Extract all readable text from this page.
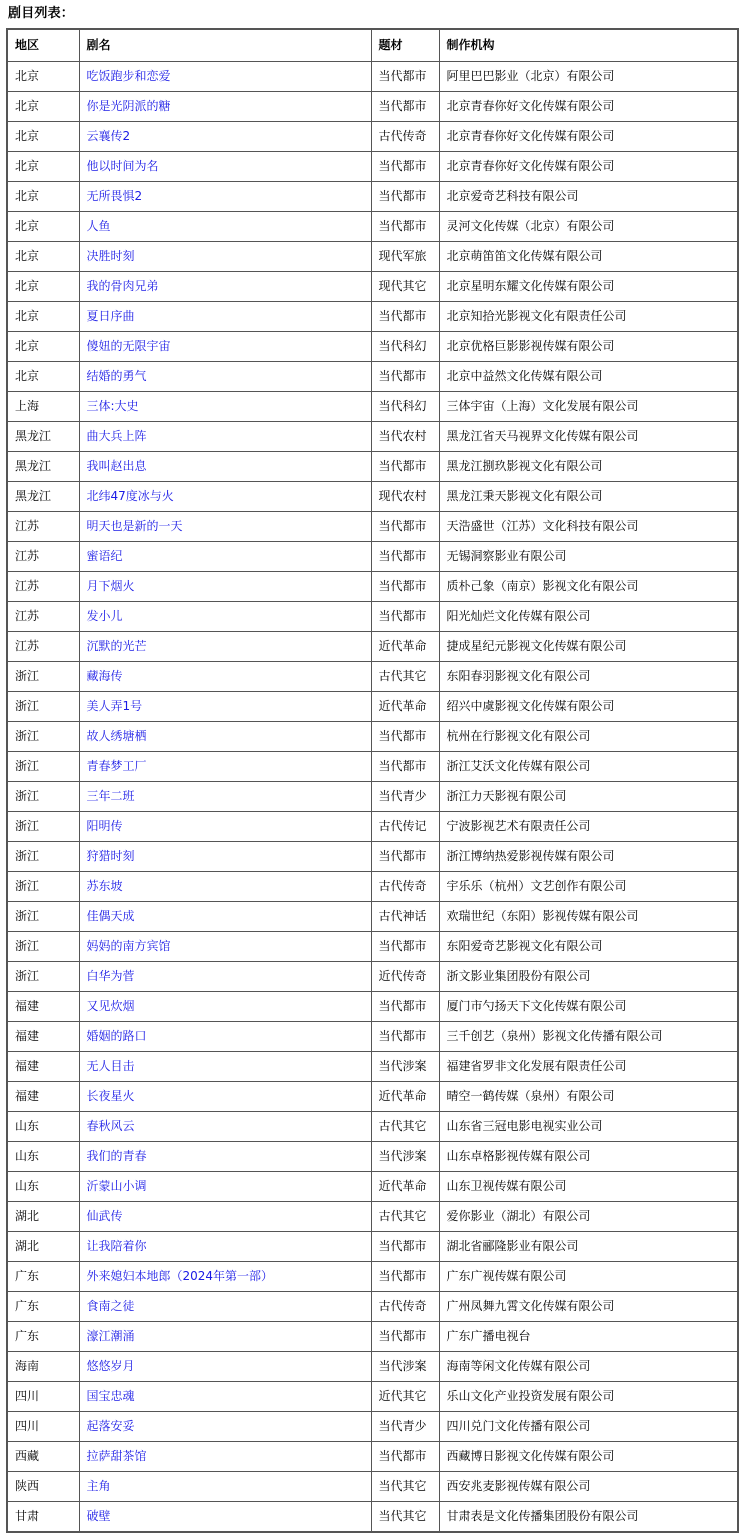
剧目列表：
地区	剧名	题材	制作机构
北京	吃饭跑步和恋爱	当代都市	阿里巴巴影业（北京）有限公司
北京	你是光阴派的糖	当代都市	北京青春你好文化传媒有限公司
北京	云襄传2	古代传奇	北京青春你好文化传媒有限公司
北京	他以时间为名	当代都市	北京青春你好文化传媒有限公司
北京	无所畏惧2	当代都市	北京爱奇艺科技有限公司
北京	人鱼	当代都市	灵河文化传媒（北京）有限公司
北京	决胜时刻	现代军旅	北京萌笛笛文化传媒有限公司
北京	我的骨肉兄弟	现代其它	北京星明东耀文化传媒有限公司
北京	夏日序曲	当代都市	北京知拾光影视文化有限责任公司
北京	傻妞的无限宇宙	当代科幻	北京优格巨影影视传媒有限公司
北京	结婚的勇气	当代都市	北京中益然文化传媒有限公司
上海	三体:大史	当代科幻	三体宇宙（上海）文化发展有限公司
黑龙江	曲大兵上阵	当代农村	黑龙江省天马视界文化传媒有限公司
黑龙江	我叫赵出息	当代都市	黑龙江捌玖影视文化有限公司
黑龙江	北纬47度冰与火	现代农村	黑龙江秉天影视文化有限公司
江苏	明天也是新的一天	当代都市	天浩盛世（江苏）文化科技有限公司
江苏	蜜语纪	当代都市	无锡洞察影业有限公司
江苏	月下烟火	当代都市	质朴己象（南京）影视文化有限公司
江苏	发小儿	当代都市	阳光灿烂文化传媒有限公司
江苏	沉默的光芒	近代革命	捷成星纪元影视文化传媒有限公司
浙江	藏海传	古代其它	东阳春羽影视文化有限公司
浙江	美人弄1号	近代革命	绍兴中虞影视文化传媒有限公司
浙江	故人绣塘栖	当代都市	杭州在行影视文化有限公司
浙江	青春梦工厂	当代都市	浙江艾沃文化传媒有限公司
浙江	三年二班	当代青少	浙江力天影视有限公司
浙江	阳明传	古代传记	宁波影视艺术有限责任公司
浙江	狩猎时刻	当代都市	浙江博纳热爱影视传媒有限公司
浙江	苏东坡	古代传奇	宇乐乐（杭州）文艺创作有限公司
浙江	佳偶天成	古代神话	欢瑞世纪（东阳）影视传媒有限公司
浙江	妈妈的南方宾馆	当代都市	东阳爱奇艺影视文化有限公司
浙江	白华为菅	近代传奇	浙文影业集团股份有限公司
福建	又见炊烟	当代都市	厦门市勺扬天下文化传媒有限公司
福建	婚姻的路口	当代都市	三千创艺（泉州）影视文化传播有限公司
福建	无人目击	当代涉案	福建省罗非文化发展有限责任公司
福建	长夜星火	近代革命	晴空一鹤传媒（泉州）有限公司
山东	春秋风云	古代其它	山东省三冠电影电视实业公司
山东	我们的青春	当代涉案	山东卓格影视传媒有限公司
山东	沂蒙山小调	近代革命	山东卫视传媒有限公司
湖北	仙武传	古代其它	爱你影业（湖北）有限公司
湖北	让我陪着你	当代都市	湖北省郦隆影业有限公司
广东	外来媳妇本地郎（2024年第一部）	当代都市	广东广视传媒有限公司
广东	食南之徒	古代传奇	广州凤舞九霄文化传媒有限公司
广东	濠江潮涌	当代都市	广东广播电视台
海南	悠悠岁月	当代涉案	海南等闲文化传媒有限公司
四川	国宝忠魂	近代其它	乐山文化产业投资发展有限公司
四川	起落安妥	当代青少	四川兑门文化传播有限公司
西藏	拉萨甜茶馆	当代都市	西藏博日影视文化传媒有限公司
陕西	主角	当代其它	西安兆麦影视传媒有限公司
甘肃	破壁	当代其它	甘肃表是文化传播集团股份有限公司
